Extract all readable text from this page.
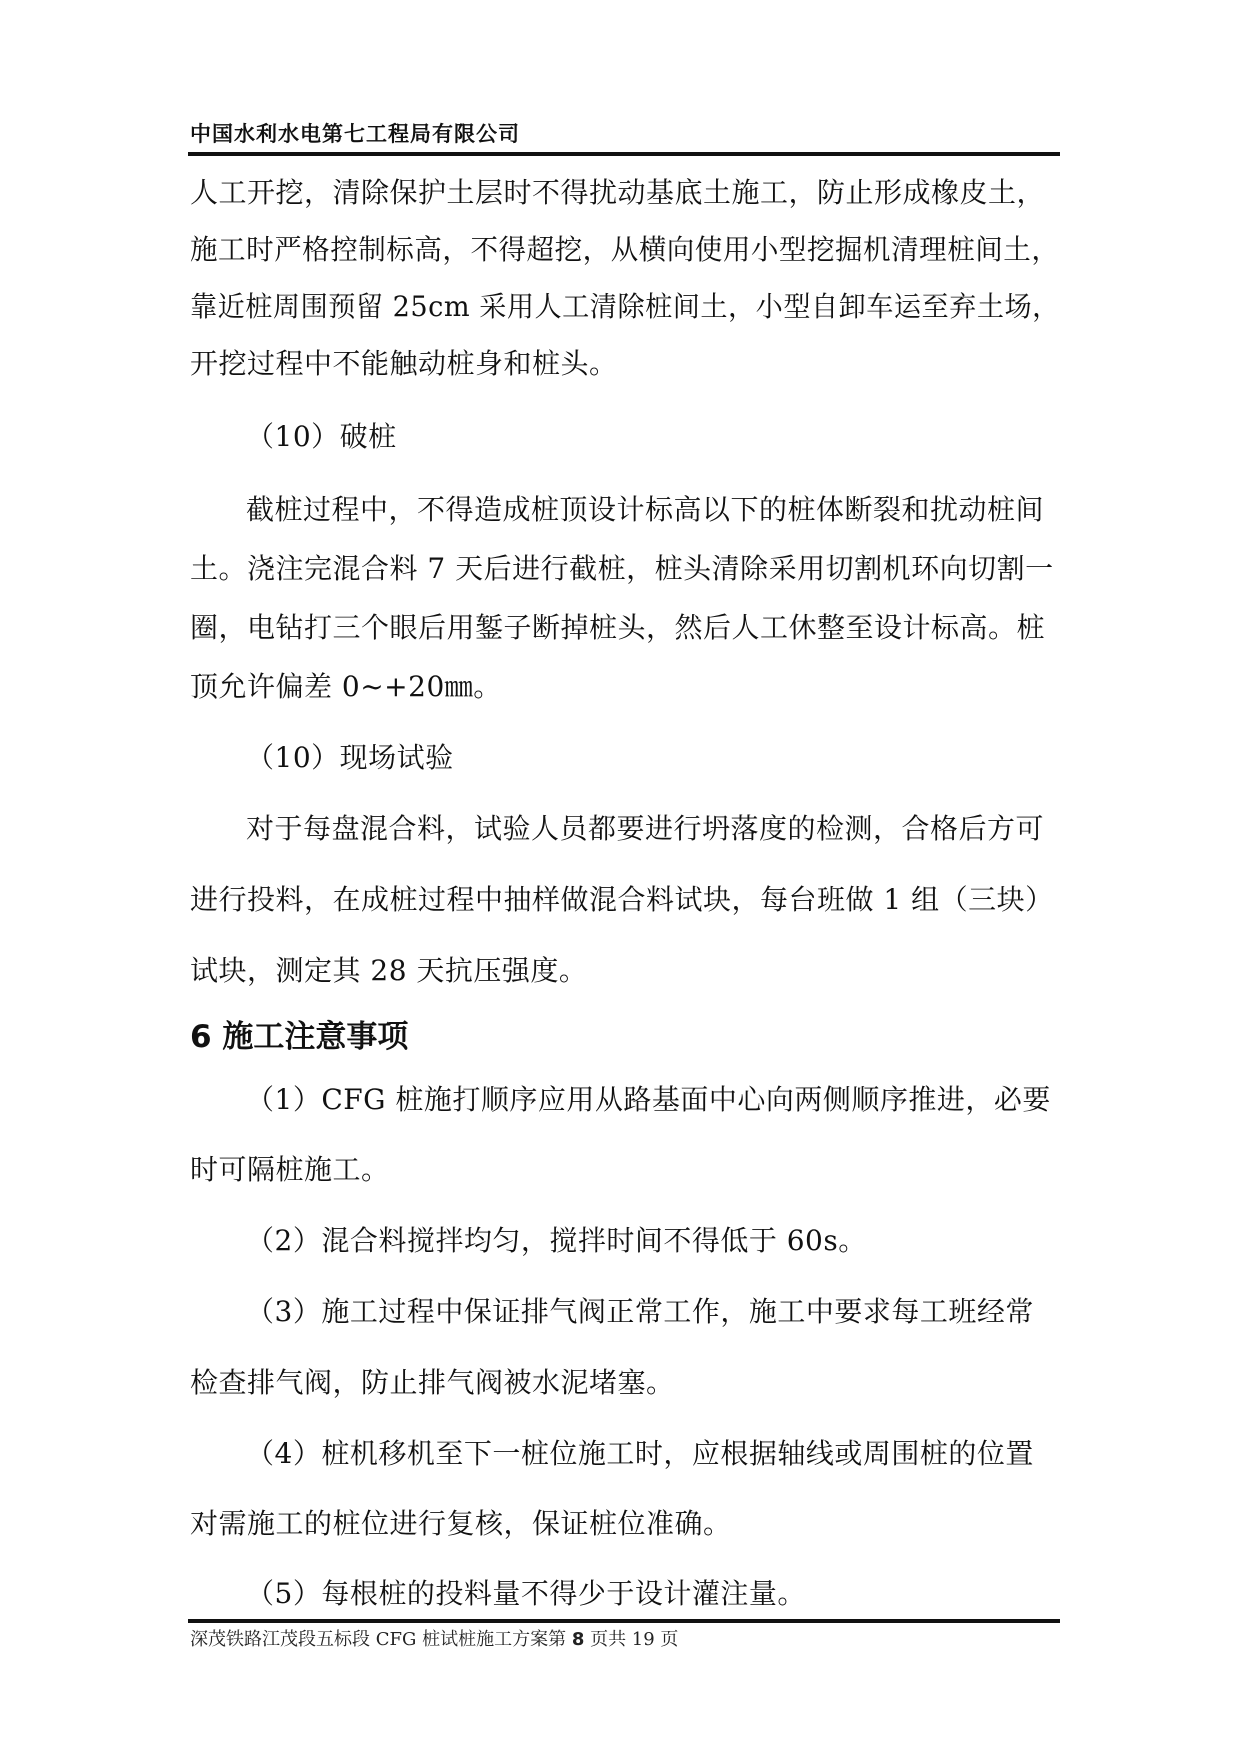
中国水利水电第七工程局有限公司
人工开挖，清除保护土层时不得扰动基底土施工，防止形成橡皮土，
施工时严格控制标高，不得超挖，从横向使用小型挖掘机清理桩间土，
靠近桩周围预留 25cm 采用人工清除桩间土，小型自卸车运至弃土场，
开挖过程中不能触动桩身和桩头。
（10）破桩
截桩过程中，不得造成桩顶设计标高以下的桩体断裂和扰动桩间
土。浇注完混合料 7 天后进行截桩，桩头清除采用切割机环向切割一
圈，电钻打三个眼后用錾子断掉桩头，然后人工休整至设计标高。桩
顶允许偏差 0~+20㎜。
（10）现场试验
对于每盘混合料，试验人员都要进行坍落度的检测，合格后方可
进行投料，在成桩过程中抽样做混合料试块，每台班做 1 组（三块）
试块，测定其 28 天抗压强度。
6 施工注意事项
（1）CFG 桩施打顺序应用从路基面中心向两侧顺序推进，必要
时可隔桩施工。
（2）混合料搅拌均匀，搅拌时间不得低于 60s。
（3）施工过程中保证排气阀正常工作，施工中要求每工班经常
检查排气阀，防止排气阀被水泥堵塞。
（4）桩机移机至下一桩位施工时，应根据轴线或周围桩的位置
对需施工的桩位进行复核，保证桩位准确。
（5）每根桩的投料量不得少于设计灌注量。
深茂铁路江茂段五标段 CFG 桩试桩施工方案第 8 页共 19 页
